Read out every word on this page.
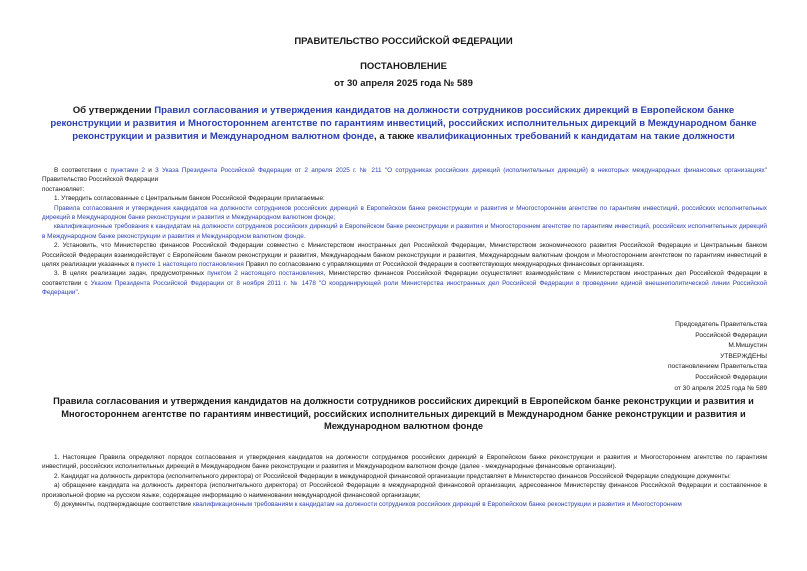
ПРАВИТЕЛЬСТВО РОССИЙСКОЙ ФЕДЕРАЦИИ
ПОСТАНОВЛЕНИЕ
от 30 апреля 2025 года № 589
Об утверждении Правил согласования и утверждения кандидатов на должности сотрудников российских дирекций в Европейском банке реконструкции и развития и Многостороннем агентстве по гарантиям инвестиций, российских исполнительных дирекций в Международном банке реконструкции и развития и Международном валютном фонде, а также квалификационных требований к кандидатам на такие должности

В соответствии с пунктами 2 и 3 Указа Президента Российской Федерации от 2 апреля 2025 г. № 211 "О сотрудниках российских дирекций (исполнительных дирекций) в некоторых международных финансовых организациях" Правительство Российской Федерации

постановляет:

1. Утвердить согласованные с Центральным банком Российской Федерации прилагаемые:

Правила согласования и утверждения кандидатов на должности сотрудников российских дирекций в Европейском банке реконструкции и развития и Многостороннем агентстве по гарантиям инвестиций, российских исполнительных дирекций в Международном банке реконструкции и развития и Международном валютном фонде;

квалификационные требования к кандидатам на должности сотрудников российских дирекций в Европейском банке реконструкции и развития и Многостороннем агентстве по гарантиям инвестиций, российских исполнительных дирекций в Международном банке реконструкции и развития и Международном валютном фонде.

2. Установить, что Министерство финансов Российской Федерации совместно с Министерством иностранных дел Российской Федерации, Министерством экономического развития Российской Федерации и Центральным банком Российской Федерации взаимодействует с Европейским банком реконструкции и развития, Международным банком реконструкции и развития, Международным валютным фондом и Многосторонним агентством по гарантиям инвестиций в целях реализации указанных в пункте 1 настоящего постановления Правил по согласованию с управляющими от Российской Федерации в соответствующих международных финансовых организациях.

3. В целях реализации задач, предусмотренных пунктом 2 настоящего постановления, Министерство финансов Российской Федерации осуществляет взаимодействие с Министерством иностранных дел Российской Федерации в соответствии с Указом Президента Российской Федерации от 8 ноября 2011 г. № 1478 "О координирующей роли Министерства иностранных дел Российской Федерации в проведении единой внешнеполитической линии Российской Федерации".

Председатель Правительства
Российской Федерации
М.Мишустин
УТВЕРЖДЕНЫ
постановлением Правительства
Российской Федерации
от 30 апреля 2025 года № 589
Правила согласования и утверждения кандидатов на должности сотрудников российских дирекций в Европейском банке реконструкции и развития и Многостороннем агентстве по гарантиям инвестиций, российских исполнительных дирекций в Международном банке реконструкции и развития и Международном валютном фонде

1. Настоящие Правила определяют порядок согласования и утверждения кандидатов на должности сотрудников российских дирекций в Европейском банке реконструкции и развития и Многостороннем агентстве по гарантиям инвестиций, российских исполнительных дирекций в Международном банке реконструкции и развития и Международном валютном фонде (далее - международные финансовые организации).

2. Кандидат на должность директора (исполнительного директора) от Российской Федерации в международной финансовой организации представляет в Министерство финансов Российской Федерации следующие документы:

а) обращение кандидата на должность директора (исполнительного директора) от Российской Федерации в международной финансовой организации, адресованное Министерству финансов Российской Федерации и составленное в произвольной форме на русском языке, содержащее информацию о наименовании международной финансовой организации;

б) документы, подтверждающие соответствие квалификационным требованиям к кандидатам на должности сотрудников российских дирекций в Европейском банке реконструкции и развития и Многостороннем
